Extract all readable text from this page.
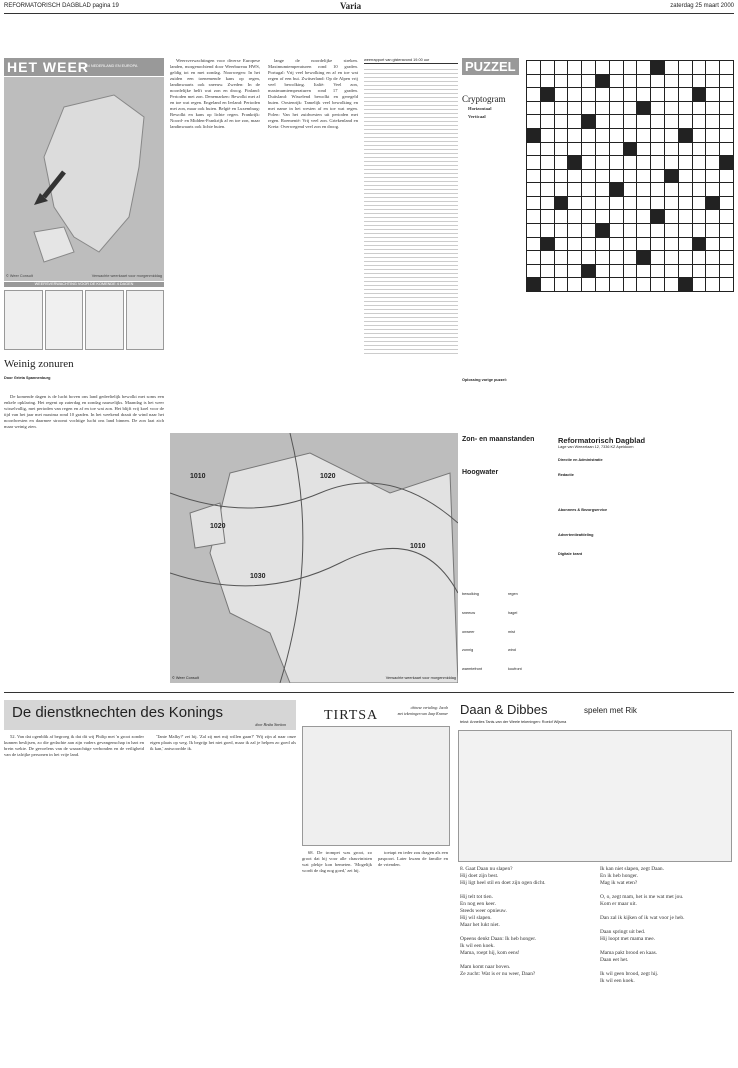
REFORMATORISCH DAGBLAD pagina 19	Varia	zaterdag 25 maart 2000
HET WEER
IN NEDERLAND EN EUROPA
© Weer Consult	Verwachte weerkaart voor morgenmiddag
WEERSVERWACHTING VOOR DE KOMENDE 4 DAGEN
Weinig zonuren
Door Grieta Spannenburg

De komende dagen is de lucht boven ons land gedeeltelijk bewolkt met soms een enkele opklaring. Het regent op zaterdag en zondag nauwelijks. Maandag is het weer wisselvallig, met perioden van regen en af en toe wat zon. Het blijft vrij koel voor de tijd van het jaar met maxima rond 10 graden. In het weekend draait de wind naar het noordwesten en daarmee stroomt vochtige lucht ons land binnen. De zon laat zich maar weinig zien.

Weersverwachtingen voor diverse Europese landen, morgenochtend door Weerbureau HWS, geldig tot en met zondag. Noorwegen: In het zuiden een toenemende kans op regen, landinwaarts ook sneeuw. Zweden: In de noordelijke helft wat zon en droog. Finland: Perioden met zon. Denemarken: Bewolkt met af en toe wat regen. Engeland en Ierland: Perioden met zon, maar ook buien. België en Luxemburg: Bewolkt en kans op lichte regen. Frankrijk: Noord- en Midden-Frankrijk af en toe zon, maar landinwaarts ook lichte buien.

lange de noordelijke streken. Maximumtemperaturen rond 10 graden. Portugal: Vrij veel bewolking en af en toe wat regen of een bui. Zwitserland: Op de Alpen vrij veel bewolking. Italië: Veel zon, maximumtemperaturen rond 17 graden. Duitsland: Wisselend bewolkt en geregeld buien. Oostenrijk: Tamelijk veel bewolking en met name in het westen af en toe wat regen. Polen: Van het zuidwesten uit perioden met regen. Roemenië: Vrij veel zon. Griekenland en Kreta: Overwegend veel zon en droog.

weerrapport van gisteravond 19.00 uur	PUZZEL
Cryptogram

Horizontaal

Verticaal

Oplossing vorige puzzel:
1010
1020
1030
1020
1010
© Weer Consult	Verwachte weerkaart voor morgenmiddag
bewolking	regen
sneeuw	hagel
onweer	mist
zonnig	wind
warmtefront	koufront
Zon- en maanstanden
Hoogwater
Reformatorisch Dagblad
Lage van Weezelaan 12, 7336 KZ Apeldoorn
Directie en Administratie
Redactie
Abonnees & Bezorgservice
Advertentieafdeling
Digitale krant
De dienstknechten des Konings
door Hesba Stretton

52. Van dat ogenblik af begroeg ik dat dit wij Philip met 'n groot zonder kunnen beslijsen, zo die gedachte aan zijn vaders gevangenschap in hart en brein wekte. De gevoelens van de waarachtige verbonden en de veiligheid van de talrijke personen in het vrije land.

'Tante Malky?' zei hij. 'Zal zij met mij willen gaan?' 'Wij zijn al naar onze eigen plaats op weg. Ik begrijp het niet goed, maar ik zal je helpen zo goed als ik kan,' antwoordde ik.

TIRTSA	chinese vertaling: Jacob
met tekeningen van Jaap Kramer

68. De trompet was groot, zo groot dat hij voor alle chauvinisten wat plekje kon bemeten. 'Mogelijk wordt de dag nog goed,' zei hij.

toetapt en ieder zou dragen als een paspoort. Later kwam de familie en de vrienden.

Daan & Dibbes	spelen met Rik
tekst: Annelies Tanis-van der Weele tekeningen: Roelof Wijsma
8. Gaat Daan nu slapen?
Hij doet zijn best.
Hij ligt heel stil en doet zijn ogen dicht.

Hij telt tot tien.
En nog een keer.
Steeds weer opnieuw.
Hij wil slapen.
Maar het lukt niet.

Opeens denkt Daan: Ik heb honger.
Ik wil een koek.
Mama, roept hij, kom eens!

Mam komt naar boven.
Ze zucht: Wat is er nu weer, Daan?
Ik kan niet slapen, zegt Daan.
En ik heb honger.
Mag ik wat eten?

O, o, zegt mam, het is me wat met jou.
Kom er maar uit.

Dan zal ik kijken of ik wat voor je heb.

Daan springt uit bed.
Hij loopt met mama mee.

Mama pakt brood en kaas.
Daan eet het.

Ik wil geen brood, zegt hij.
Ik wil een koek.
